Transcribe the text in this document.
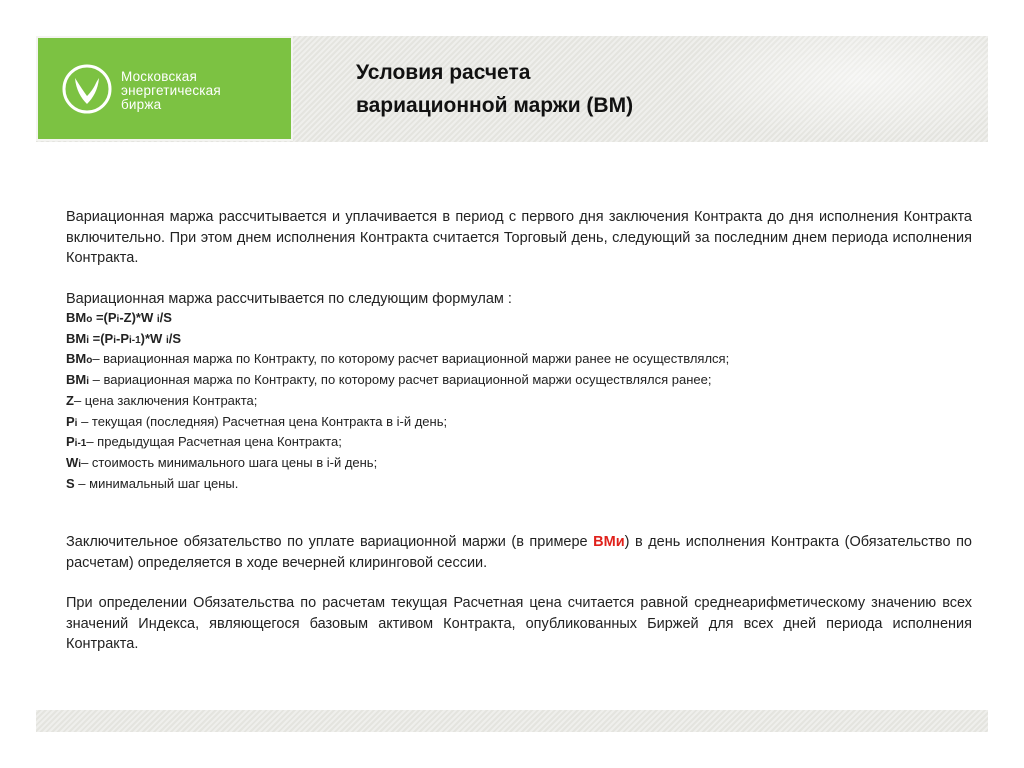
Московская
энергетическая
биржа
Условия расчета
вариационной маржи (ВМ)

Вариационная маржа рассчитывается и уплачивается в период с первого дня заключения Контракта до дня исполнения Контракта включительно. При этом днем исполнения Контракта считается Торговый день, следующий за последним днем периода исполнения Контракта.

Вариационная маржа рассчитывается по следующим формулам :

ВМo =(Pi-Z)*W i/S
ВМi =(Pi-Pi-1)*W i/S
ВМo– вариационная маржа по Контракту, по которому расчет вариационной маржи ранее не осуществлялся;
ВМi – вариационная маржа по Контракту, по которому расчет вариационной маржи осуществлялся ранее;
Z– цена заключения Контракта;
Pi – текущая (последняя) Расчетная цена Контракта в i-й день;
Pi-1– предыдущая Расчетная цена Контракта;
Wi– стоимость минимального шага цены в i-й день;
S – минимальный шаг цены.

Заключительное обязательство по уплате вариационной маржи (в примере ВМи) в день исполнения Контракта (Обязательство по расчетам) определяется в ходе вечерней клиринговой сессии.

При определении Обязательства по расчетам текущая Расчетная цена считается равной среднеарифметическому значению всех значений Индекса, являющегося базовым активом Контракта, опубликованных Биржей для всех дней периода исполнения Контракта.
